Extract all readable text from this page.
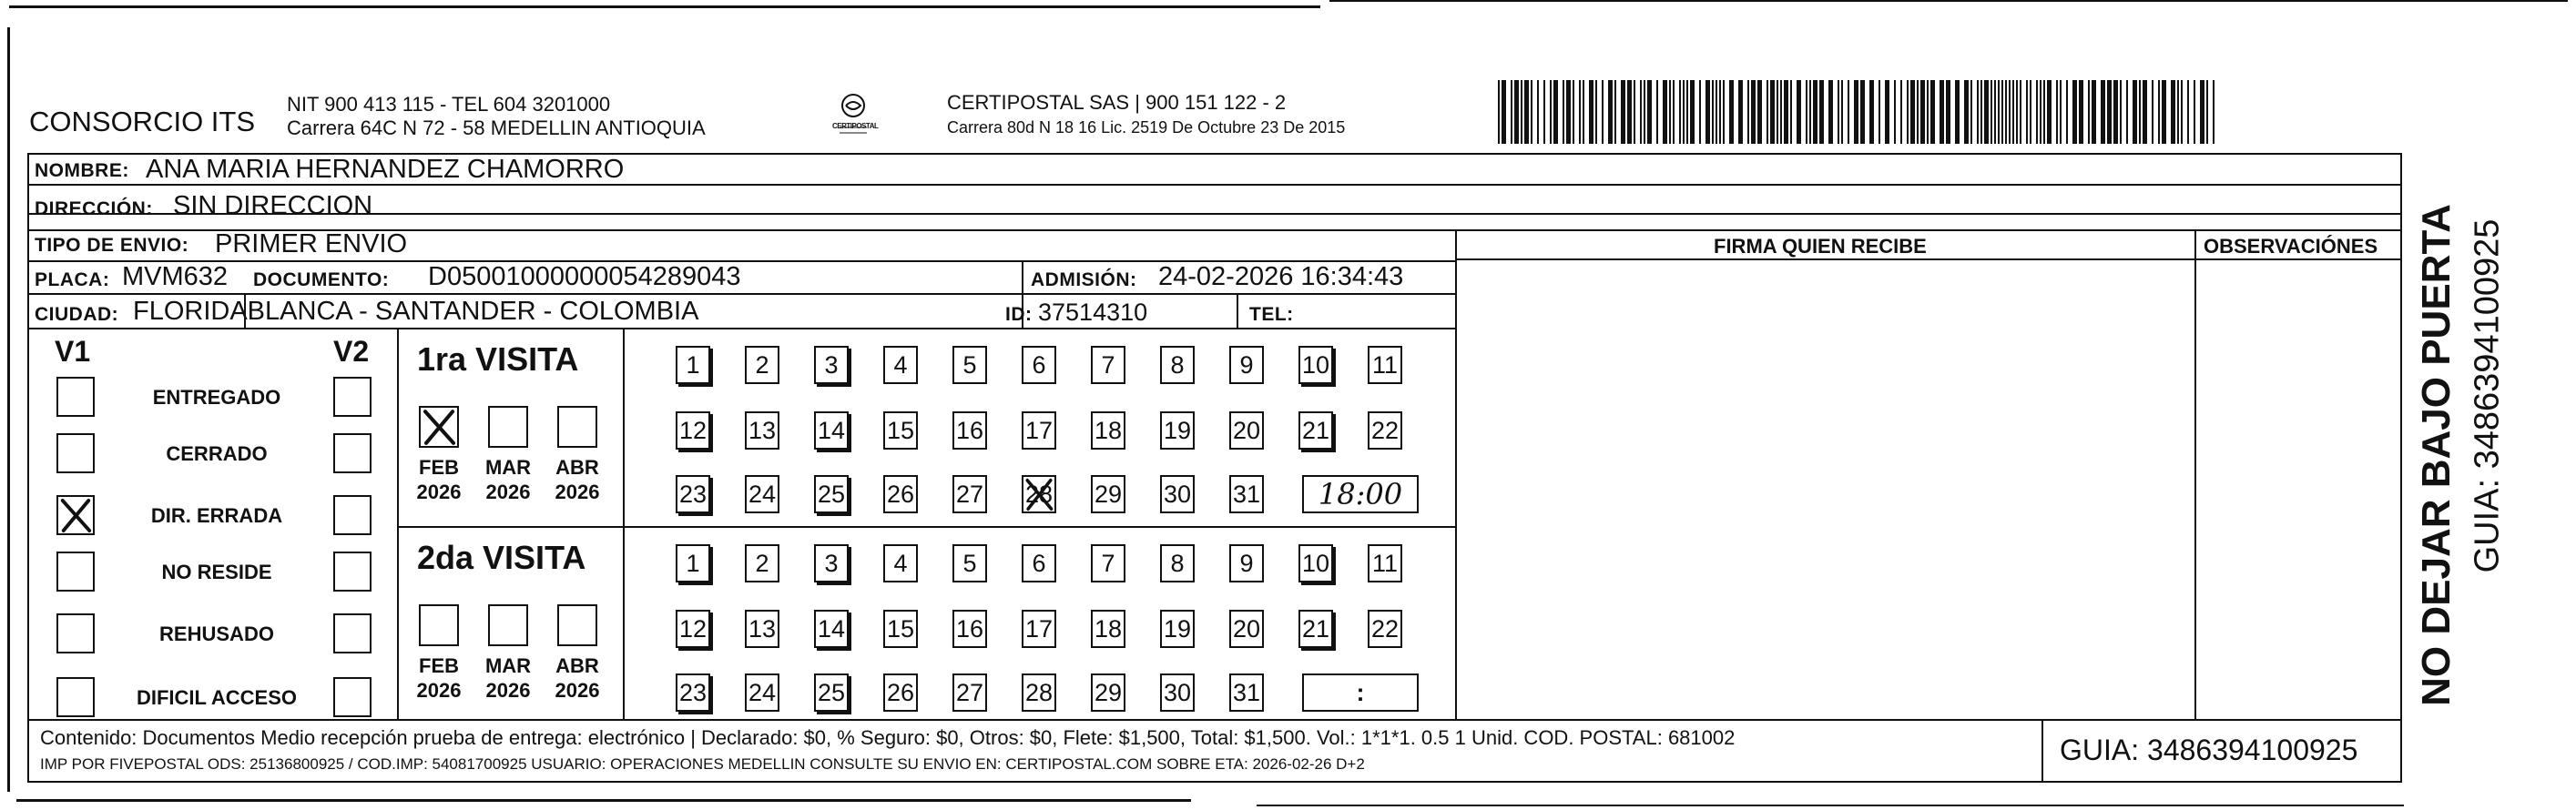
CONSORCIO ITS
NIT 900 413 115 - TEL 604 3201000
Carrera 64C N 72 - 58 MEDELLIN ANTIOQUIA	CERTIPOSTAL
CERTIPOSTAL SAS | 900 151 122 - 2
Carrera 80d N 18 16 Lic. 2519 De Octubre 23 De 2015
NOMBRE: ANA MARIA HERNANDEZ CHAMORRO
DIRECCIÓN: SIN DIRECCION
TIPO DE ENVIO: PRIMER ENVIO	FIRMA QUIEN RECIBE	OBSERVACIÓNES
PLACA: MVM632 DOCUMENTO: D05001000000054289043	ADMISIÓN: 24-02-2026 16:34:43
CIUDAD: FLORIDABLANCA - SANTANDER - COLOMBIA	ID: 37514310	TEL:
V1	V2
ENTREGADO
CERRADO
DIR. ERRADA
NO RESIDE
REHUSADO
DIFICIL ACCESO
1ra VISITA
FEB
2026
MAR
2026
ABR
2026
1 2 3 4 5 6 7 8 9 10 11
12 13 14 15 16 17 18 19 20 21 22
23 24 25 26 27 28 29 30 31 18:00
2da VISITA
FEB
2026
MAR
2026
ABR
2026
1 2 3 4 5 6 7 8 9 10 11
12 13 14 15 16 17 18 19 20 21 22
23 24 25 26 27 28 29 30 31	:
Contenido: Documentos Medio recepción prueba de entrega: electrónico | Declarado: $0, % Seguro: $0, Otros: $0, Flete: $1,500, Total: $1,500. Vol.: 1*1*1. 0.5 1 Unid. COD. POSTAL: 681002
IMP POR FIVEPOSTAL ODS: 25136800925 / COD.IMP: 54081700925 USUARIO: OPERACIONES MEDELLIN CONSULTE SU ENVIO EN: CERTIPOSTAL.COM SOBRE ETA: 2026-02-26 D+2	GUIA: 3486394100925
NO DEJAR BAJO PUERTA GUIA: 3486394100925
